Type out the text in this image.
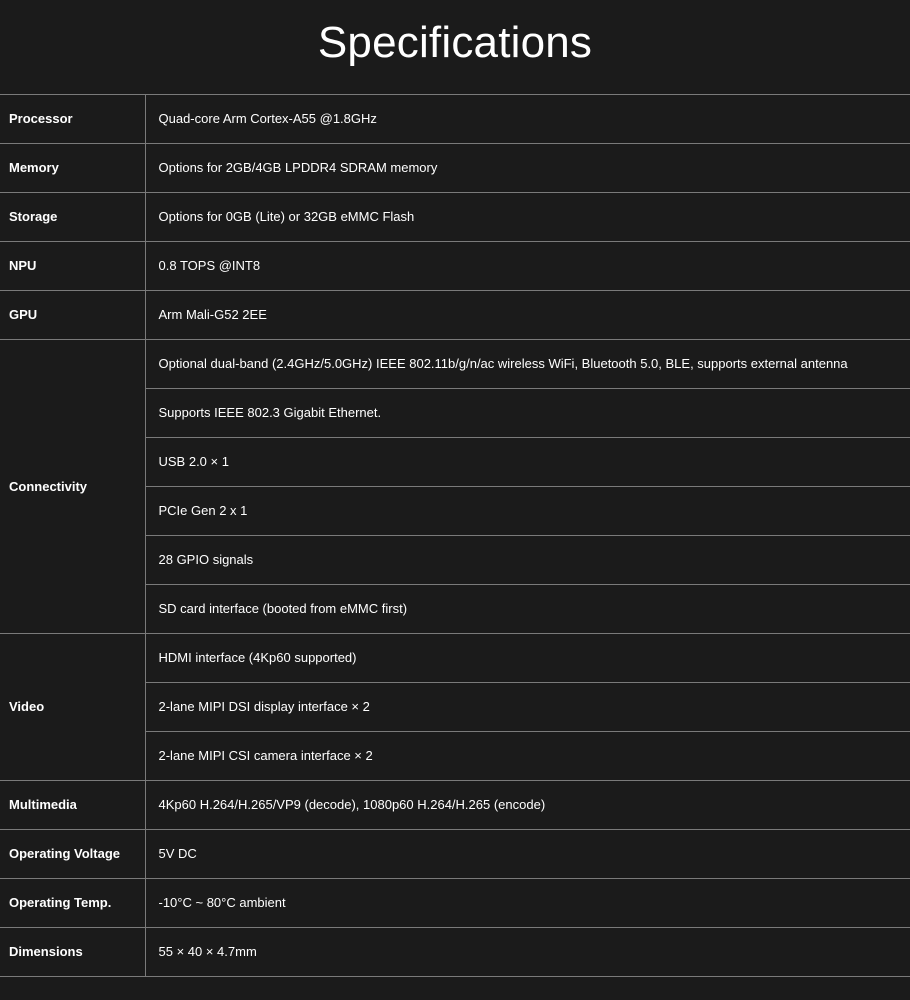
Specifications
Processor	Quad-core Arm Cortex-A55 @1.8GHz
Memory	Options for 2GB/4GB LPDDR4 SDRAM memory
Storage	Options for 0GB (Lite) or 32GB eMMC Flash
NPU	0.8 TOPS @INT8
GPU	Arm Mali-G52 2EE
Connectivity	Optional dual-band (2.4GHz/5.0GHz) IEEE 802.11b/g/n/ac wireless WiFi, Bluetooth 5.0, BLE, supports external antenna
	Supports IEEE 802.3 Gigabit Ethernet.
	USB 2.0 × 1
	PCIe Gen 2 x 1
	28 GPIO signals
	SD card interface (booted from eMMC first)
Video	HDMI interface (4Kp60 supported)
	2-lane MIPI DSI display interface × 2
	2-lane MIPI CSI camera interface × 2
Multimedia	4Kp60 H.264/H.265/VP9 (decode), 1080p60 H.264/H.265 (encode)
Operating Voltage	5V DC
Operating Temp.	-10°C ~ 80°C ambient
Dimensions	55 × 40 × 4.7mm
